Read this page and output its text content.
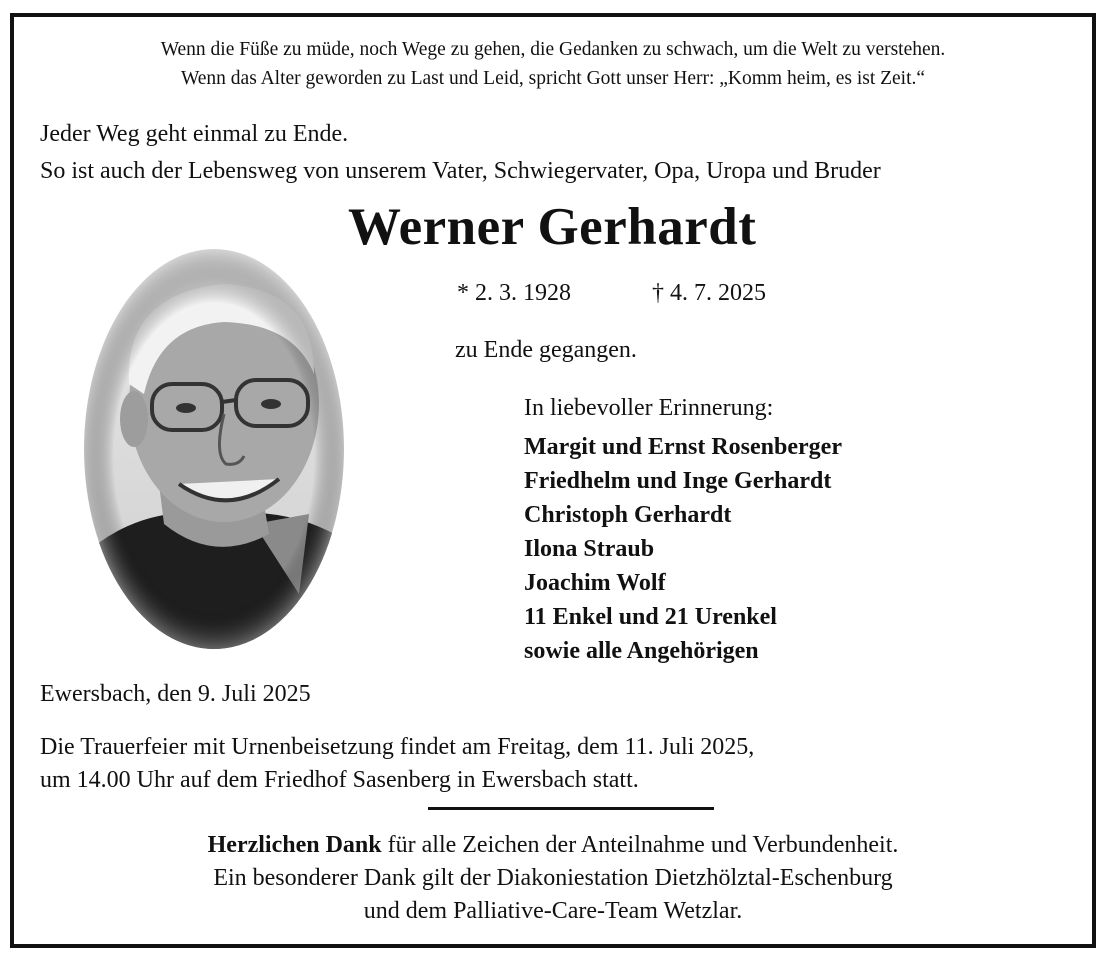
Wenn die Füße zu müde, noch Wege zu gehen, die Gedanken zu schwach, um die Welt zu verstehen.
Wenn das Alter geworden zu Last und Leid, spricht Gott unser Herr: „Komm heim, es ist Zeit.“
Jeder Weg geht einmal zu Ende.
So ist auch der Lebensweg von unserem Vater, Schwiegervater, Opa, Uropa und Bruder
Werner Gerhardt
* 2. 3. 1928	† 4. 7. 2025
zu Ende gegangen.
In liebevoller Erinnerung:
Margit und Ernst Rosenberger
Friedhelm und Inge Gerhardt
Christoph Gerhardt
Ilona Straub
Joachim Wolf
11 Enkel und 21 Urenkel
sowie alle Angehörigen
Ewersbach, den 9. Juli 2025
Die Trauerfeier mit Urnenbeisetzung findet am Freitag, dem 11. Juli 2025,
um 14.00 Uhr auf dem Friedhof Sasenberg in Ewersbach statt.
Herzlichen Dank für alle Zeichen der Anteilnahme und Verbundenheit.
Ein besonderer Dank gilt der Diakoniestation Dietzhölztal-Eschenburg
und dem Palliative-Care-Team Wetzlar.
